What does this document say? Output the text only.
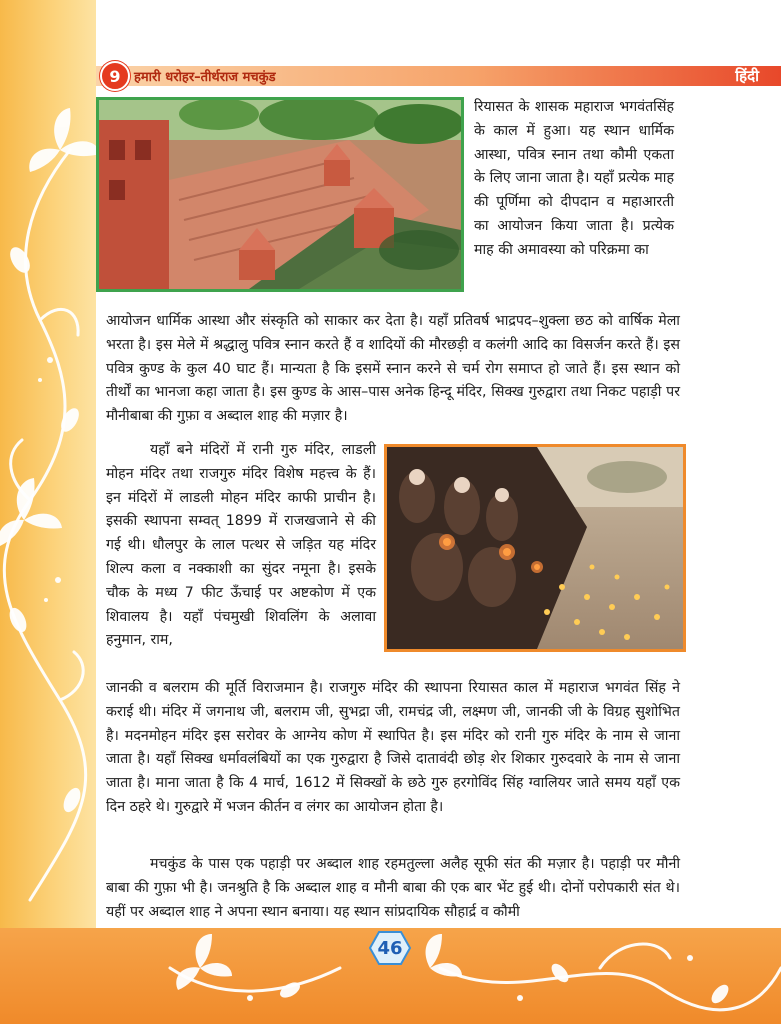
9	हमारी धरोहर–तीर्थराज मचकुंड	हिंदी

रियासत के शासक महाराज भगवंतसिंह के काल में हुआ। यह स्थान धार्मिक आस्था, पवित्र स्नान तथा कौमी एकता के लिए जाना जाता है। यहाँ प्रत्येक माह की पूर्णिमा को दीपदान व महाआरती का आयोजन किया जाता है। प्रत्येक माह की अमावस्या को परिक्रमा का

आयोजन धार्मिक आस्था और संस्कृति को साकार कर देता है। यहाँ प्रतिवर्ष भाद्रपद–शुक्ला छठ को वार्षिक मेला भरता है। इस मेले में श्रद्धालु पवित्र स्नान करते हैं व शादियों की मौरछड़ी व कलंगी आदि का विसर्जन करते हैं। इस पवित्र कुण्ड के कुल 40 घाट हैं। मान्यता है कि इसमें स्नान करने से चर्म रोग समाप्त हो जाते हैं। इस स्थान को तीर्थों का भानजा कहा जाता है। इस कुण्ड के आस–पास अनेक हिन्दू मंदिर, सिक्ख गुरुद्वारा तथा निकट पहाड़ी पर मौनीबाबा की गुफ़ा व अब्दाल शाह की मज़ार है।

यहाँ बने मंदिरों में रानी गुरु मंदिर, लाडली मोहन मंदिर तथा राजगुरु मंदिर विशेष महत्त्व के हैं। इन मंदिरों में लाडली मोहन मंदिर काफी प्राचीन है। इसकी स्थापना सम्वत् 1899 में राजखजाने से की गई थी। धौलपुर के लाल पत्थर से जड़ित यह मंदिर शिल्प कला व नक्काशी का सुंदर नमूना है। इसके चौक के मध्य 7 फीट ऊँचाई पर अष्टकोण में एक शिवालय है। यहाँ पंचमुखी शिवलिंग के अलावा हनुमान, राम,

जानकी व बलराम की मूर्ति विराजमान है। राजगुरु मंदिर की स्थापना रियासत काल में महाराज भगवंत सिंह ने कराई थी। मंदिर में जगनाथ जी, बलराम जी, सुभद्रा जी, रामचंद्र जी, लक्ष्मण जी, जानकी जी के विग्रह सुशोभित है। मदनमोहन मंदिर इस सरोवर के आग्नेय कोण में स्थापित है। इस मंदिर को रानी गुरु मंदिर के नाम से जाना जाता है। यहाँ सिक्ख धर्मावलंबियों का एक गुरुद्वारा है जिसे दातावंदी छोड़ शेर शिकार गुरुदवारे के नाम से जाना जाता है। माना जाता है कि 4 मार्च, 1612 में सिक्खों के छठे गुरु हरगोविंद सिंह ग्वालियर जाते समय यहाँ एक दिन ठहरे थे। गुरुद्वारे में भजन कीर्तन व लंगर का आयोजन होता है।

मचकुंड के पास एक पहाड़ी पर अब्दाल शाह रहमतुल्ला अलैह सूफी संत की मज़ार है। पहाड़ी पर मौनी बाबा की गुफ़ा भी है। जनश्रुति है कि अब्दाल शाह व मौनी बाबा की एक बार भेंट हुई थी। दोनों परोपकारी संत थे। यहीं पर अब्दाल शाह ने अपना स्थान बनाया। यह स्थान सांप्रदायिक सौहार्द्र व कौमी

46
